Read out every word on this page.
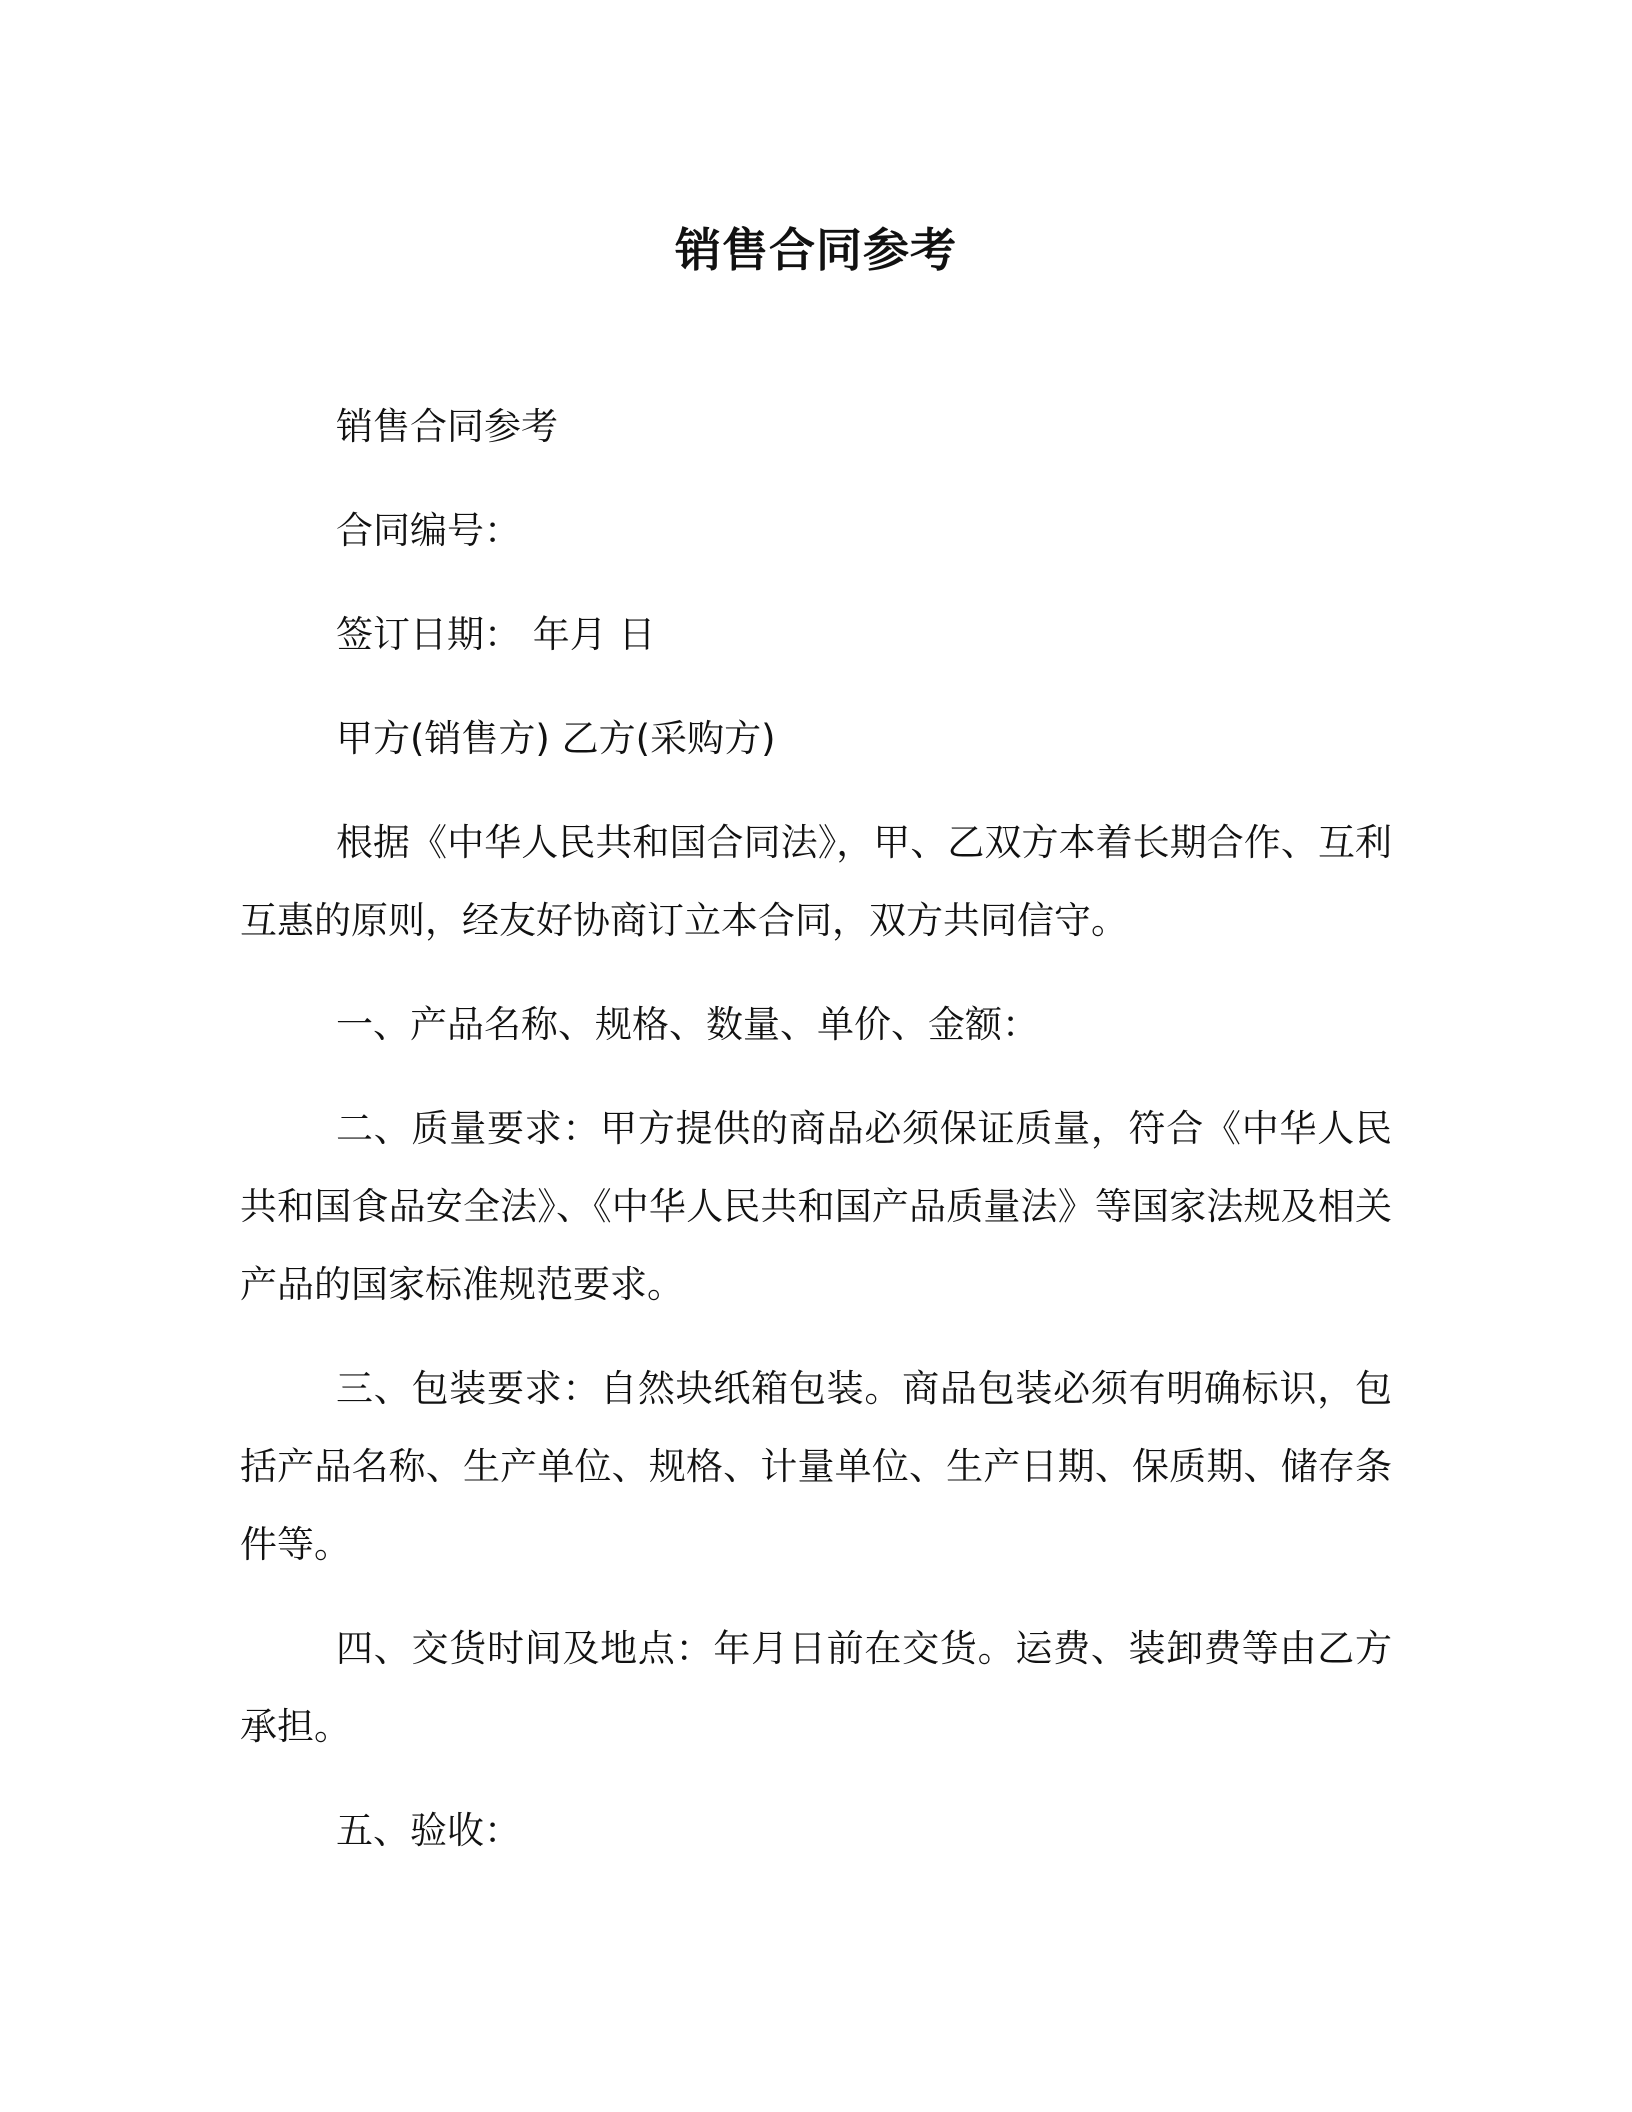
销售合同参考

销售合同参考

合同编号：

签订日期： 年月 日

甲方(销售方) 乙方(采购方)

根据《中华人民共和国合同法》，甲、乙双方本着长期合作、互利互惠的原则，经友好协商订立本合同，双方共同信守。

一、产品名称、规格、数量、单价、金额：

二、质量要求：甲方提供的商品必须保证质量，符合《中华人民共和国食品安全法》、《中华人民共和国产品质量法》等国家法规及相关产品的国家标准规范要求。

三、包装要求：自然块纸箱包装。商品包装必须有明确标识，包括产品名称、生产单位、规格、计量单位、生产日期、保质期、储存条件等。

四、交货时间及地点：年月日前在交货。运费、装卸费等由乙方承担。

五、验收：
